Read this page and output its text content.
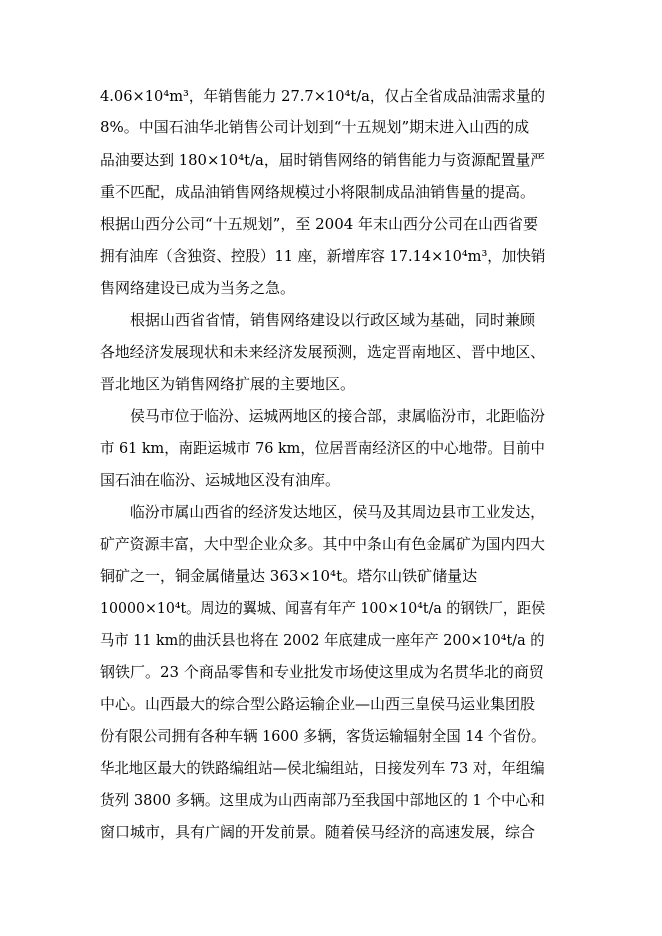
4.06×10⁴m³，年销售能力 27.7×10⁴t/a，仅占全省成品油需求量的
8%。中国石油华北销售公司计划到“十五规划”期末进入山西的成
品油要达到 180×10⁴t/a，届时销售网络的销售能力与资源配置量严
重不匹配，成品油销售网络规模过小将限制成品油销售量的提高。
根据山西分公司“十五规划”，至 2004 年末山西分公司在山西省要
拥有油库（含独资、控股）11 座，新增库容 17.14×10⁴m³，加快销
售网络建设已成为当务之急。
根据山西省省情，销售网络建设以行政区域为基础，同时兼顾
各地经济发展现状和未来经济发展预测，选定晋南地区、晋中地区、
晋北地区为销售网络扩展的主要地区。
侯马市位于临汾、运城两地区的接合部，隶属临汾市，北距临汾
市 61 km，南距运城市 76 km，位居晋南经济区的中心地带。目前中
国石油在临汾、运城地区没有油库。
临汾市属山西省的经济发达地区，侯马及其周边县市工业发达，
矿产资源丰富，大中型企业众多。其中中条山有色金属矿为国内四大
铜矿之一，铜金属储量达 363×10⁴t。塔尔山铁矿储量达
10000×10⁴t。周边的翼城、闻喜有年产 100×10⁴t/a 的钢铁厂，距侯
马市 11 km的曲沃县也将在 2002 年底建成一座年产 200×10⁴t/a 的
钢铁厂。23 个商品零售和专业批发市场使这里成为名贯华北的商贸
中心。山西最大的综合型公路运输企业—山西三皇侯马运业集团股
份有限公司拥有各种车辆 1600 多辆，客货运输辐射全国 14 个省份。
华北地区最大的铁路编组站—侯北编组站，日接发列车 73 对，年组编
货列 3800 多辆。这里成为山西南部乃至我国中部地区的 1 个中心和
窗口城市，具有广阔的开发前景。随着侯马经济的高速发展，综合
